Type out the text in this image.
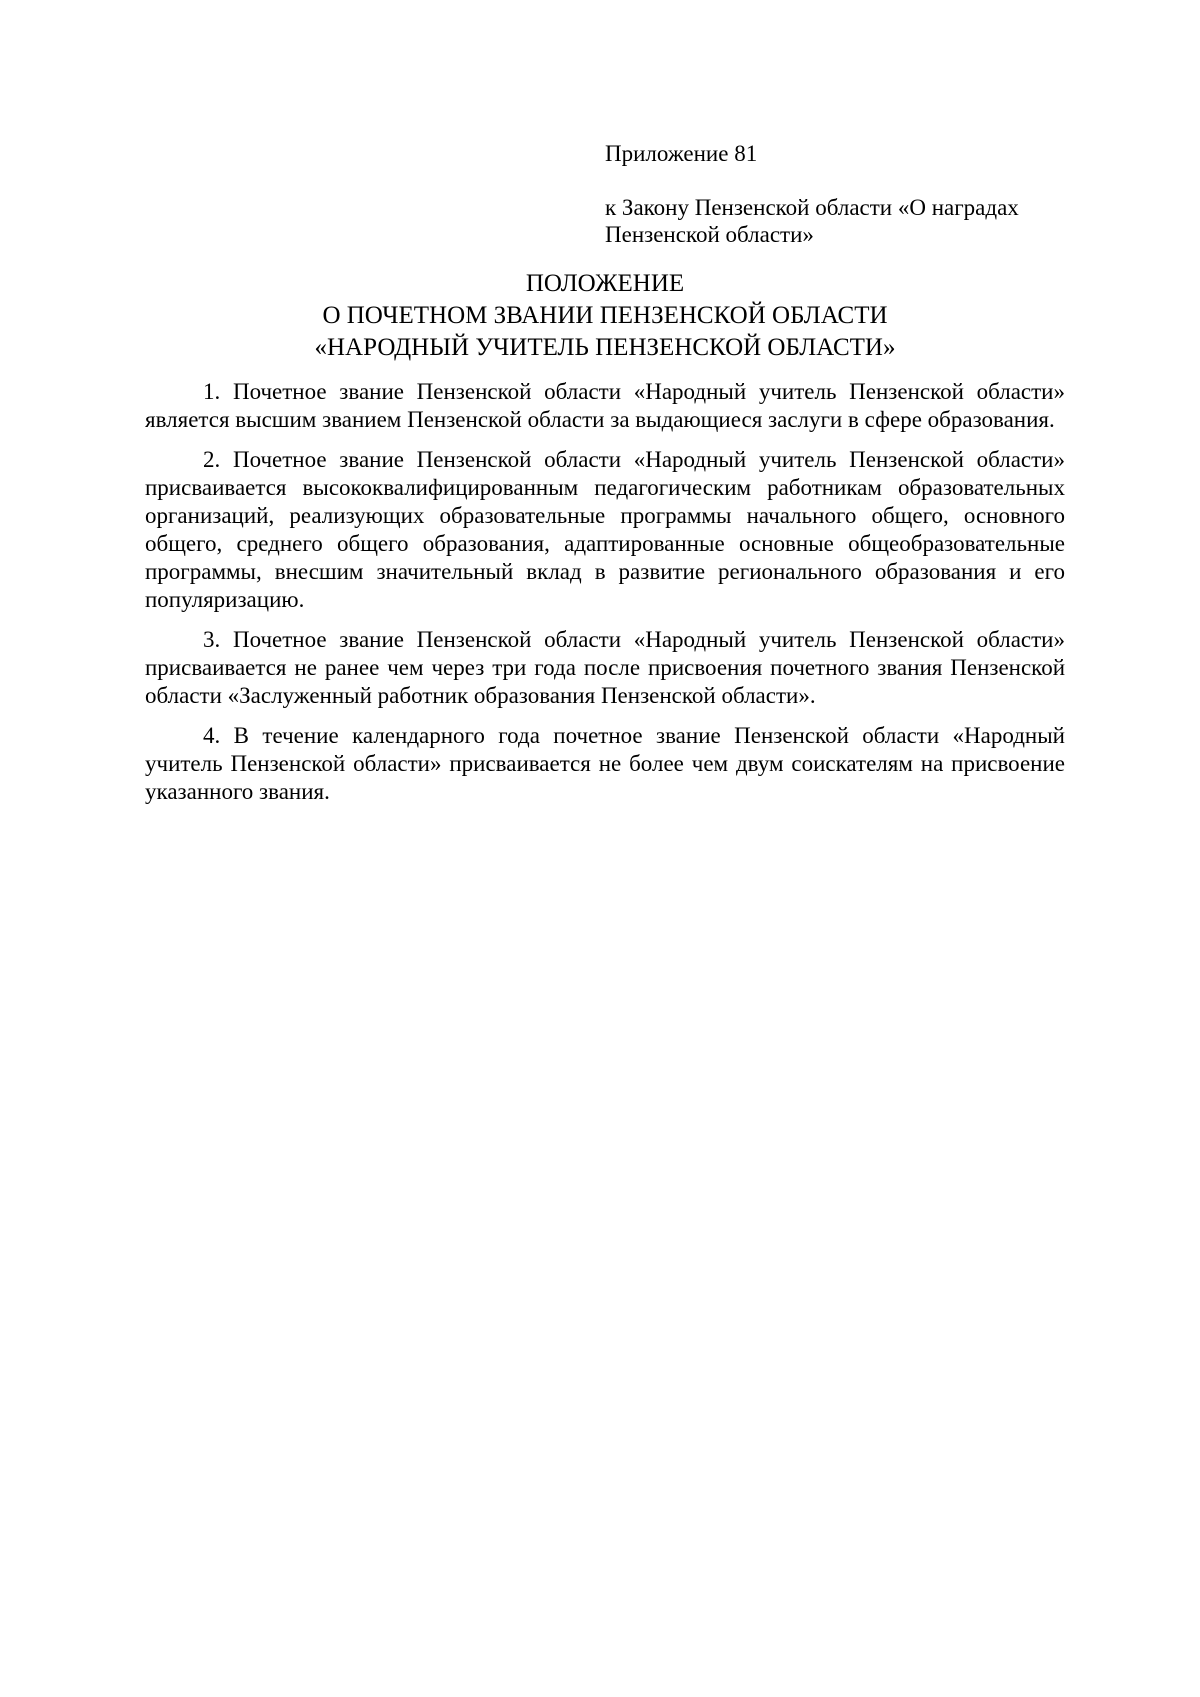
Приложение 81

к Закону Пензенской области «О наградах
Пензенской области»

ПОЛОЖЕНИЕ
О ПОЧЕТНОМ ЗВАНИИ ПЕНЗЕНСКОЙ ОБЛАСТИ
«НАРОДНЫЙ УЧИТЕЛЬ ПЕНЗЕНСКОЙ ОБЛАСТИ»

1. Почетное звание Пензенской области «Народный учитель Пензенской области» является высшим званием Пензенской области за выдающиеся заслуги в сфере образования.

2. Почетное звание Пензенской области «Народный учитель Пензенской области» присваивается высококвалифицированным педагогическим работникам образовательных организаций, реализующих образовательные программы начального общего, основного общего, среднего общего образования, адаптированные основные общеобразовательные программы, внесшим значительный вклад в развитие регионального образования и его популяризацию.

3. Почетное звание Пензенской области «Народный учитель Пензенской области» присваивается не ранее чем через три года после присвоения почетного звания Пензенской области «Заслуженный работник образования Пензенской области».

4. В течение календарного года почетное звание Пензенской области «Народный учитель Пензенской области» присваивается не более чем двум соискателям на присвоение указанного звания.
